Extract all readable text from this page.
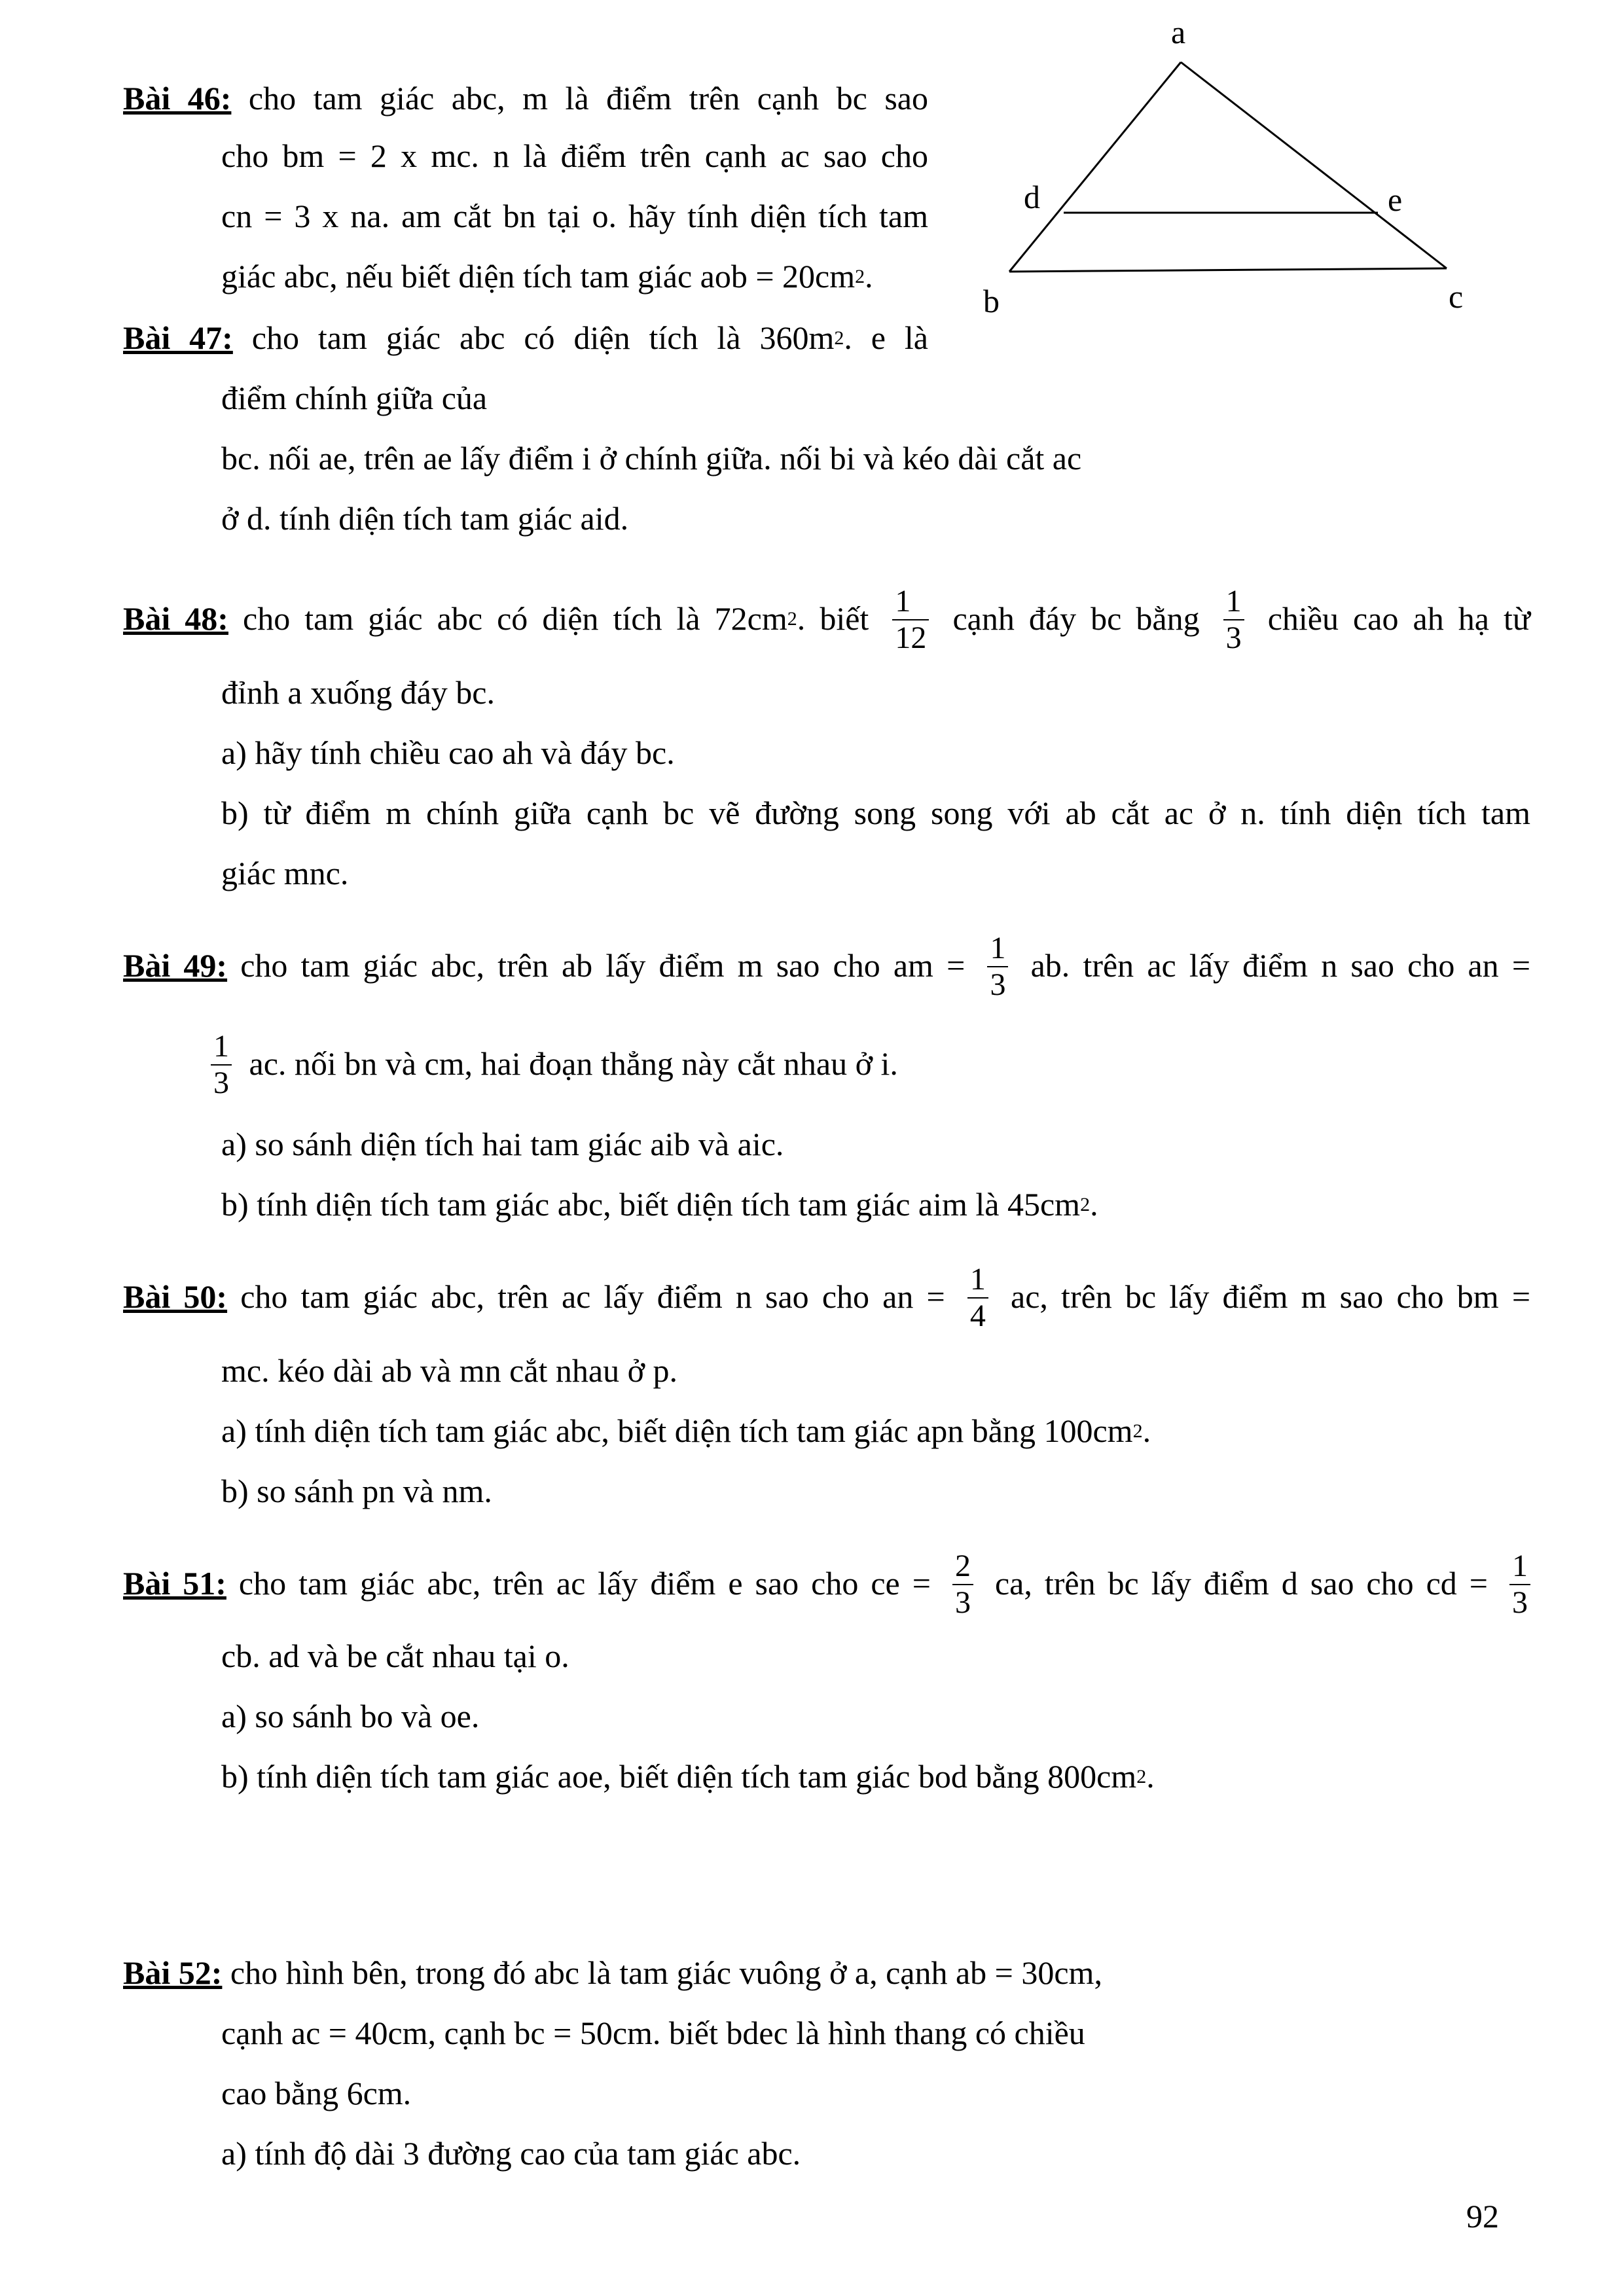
a
d	e
b	c
Bài 46: cho tam giác abc, m là điểm trên cạnh bc sao
cho bm = 2 x mc. n là điểm trên cạnh ac sao cho
cn = 3 x na. am cắt bn tại o. hãy tính diện tích tam
giác abc, nếu biết diện tích tam giác aob = $20cm^2$.
Bài 47: cho tam giác abc có diện tích là $360m^2$. e là
điểm chính giữa của
bc. nối ae, trên ae lấy điểm i ở chính giữa. nối bi và kéo dài cắt ac
ở d. tính diện tích tam giác aid.
Bài 48: cho tam giác abc có diện tích là $72cm^2$. biết $\frac{1}{12}$ cạnh đáy bc bằng $\frac{1}{3}$ chiều cao ah hạ từ
đỉnh a xuống đáy bc.
a) hãy tính chiều cao ah và đáy bc.
b) từ điểm m chính giữa cạnh bc vẽ đường song song với ab cắt ac ở n. tính diện tích tam
giác mnc.
Bài 49: cho tam giác abc, trên ab lấy điểm m sao cho am = $\frac{1}{3}$ ab. trên ac lấy điểm n sao cho an =
$\frac{1}{3}$ ac. nối bn và cm, hai đoạn thẳng này cắt nhau ở i.
a) so sánh diện tích hai tam giác aib và aic.
b) tính diện tích tam giác abc, biết diện tích tam giác aim là $45cm^2$.
Bài 50: cho tam giác abc, trên ac lấy điểm n sao cho an = $\frac{1}{4}$ ac, trên bc lấy điểm m sao cho bm =
mc. kéo dài ab và mn cắt nhau ở p.
a) tính diện tích tam giác abc, biết diện tích tam giác apn bằng $100cm^2$.
b) so sánh pn và nm.
Bài 51: cho tam giác abc, trên ac lấy điểm e sao cho ce = $\frac{2}{3}$ ca, trên bc lấy điểm d sao cho cd = $\frac{1}{3}$
cb. ad và be cắt nhau tại o.
a) so sánh bo và oe.
b) tính diện tích tam giác aoe, biết diện tích tam giác bod bằng $800cm^2$.
Bài 52: cho hình bên, trong đó abc là tam giác vuông ở a, cạnh ab = 30cm,
cạnh ac = 40cm, cạnh bc = 50cm. biết bdec là hình thang có chiều
cao bằng 6cm.
a) tính độ dài 3 đường cao của tam giác abc.
92
